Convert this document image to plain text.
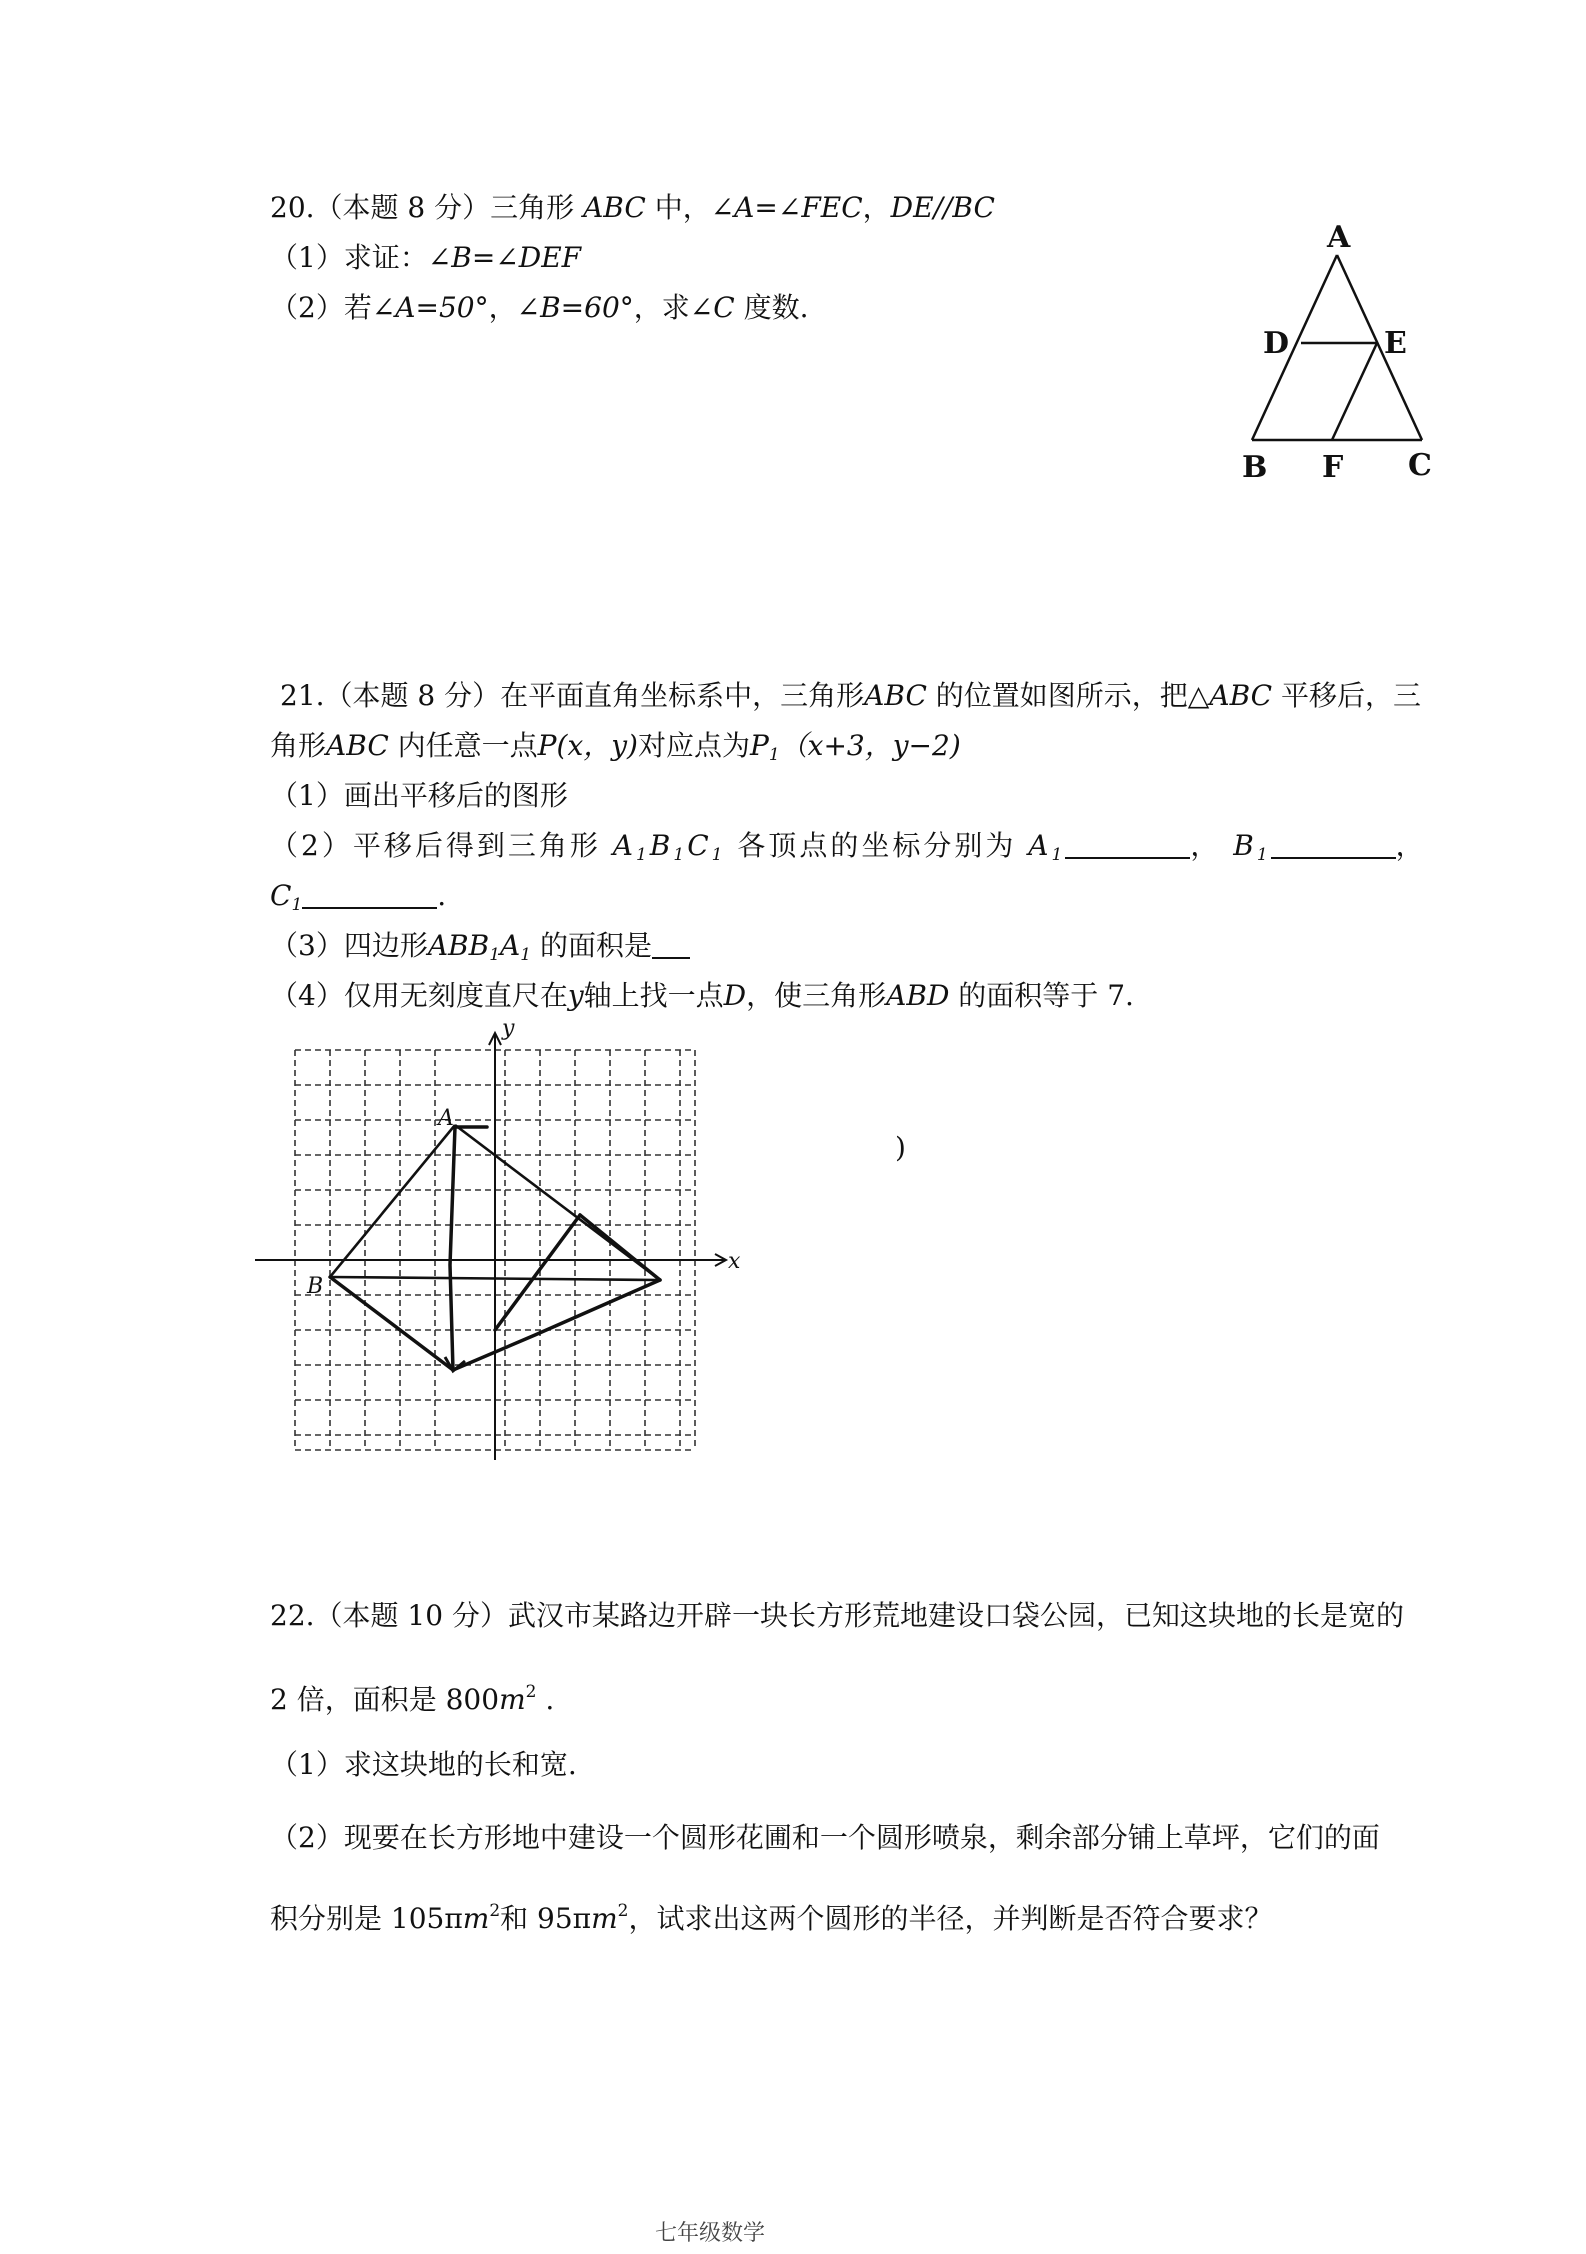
20.（本题 8 分）三角形 ABC 中，∠A=∠FEC，DE//BC
（1）求证：∠B=∠DEF
（2）若∠A=50°，∠B=60°，求∠C 度数.
A
D	E
B F C
21.（本题 8 分）在平面直角坐标系中，三角形ABC 的位置如图所示，把△ABC 平移后，三
角形ABC 内任意一点P(x，y)对应点为$P_1(x+3$，y−2)
（1）画出平移后的图形
（2）平移后得到三角形 $A_1B_1C_1$ 各顶点的坐标分别为 $A_1$	， $B_1$	，
$C_1$	.
（3）四边形$ABB_1A_1$ 的面积是
（4）仅用无刻度直尺在y轴上找一点D，使三角形ABD 的面积等于 7.
y
x
A
B
)
22.（本题 10 分）武汉市某路边开辟一块长方形荒地建设口袋公园，已知这块地的长是宽的
2 倍，面积是 $800m^2$ .
（1）求这块地的长和宽.
（2）现要在长方形地中建设一个圆形花圃和一个圆形喷泉，剩余部分铺上草坪，它们的面
积分别是 $105\pi m^2$和 $95\pi m^2$，试求出这两个圆形的半径，并判断是否符合要求？
七年级数学
